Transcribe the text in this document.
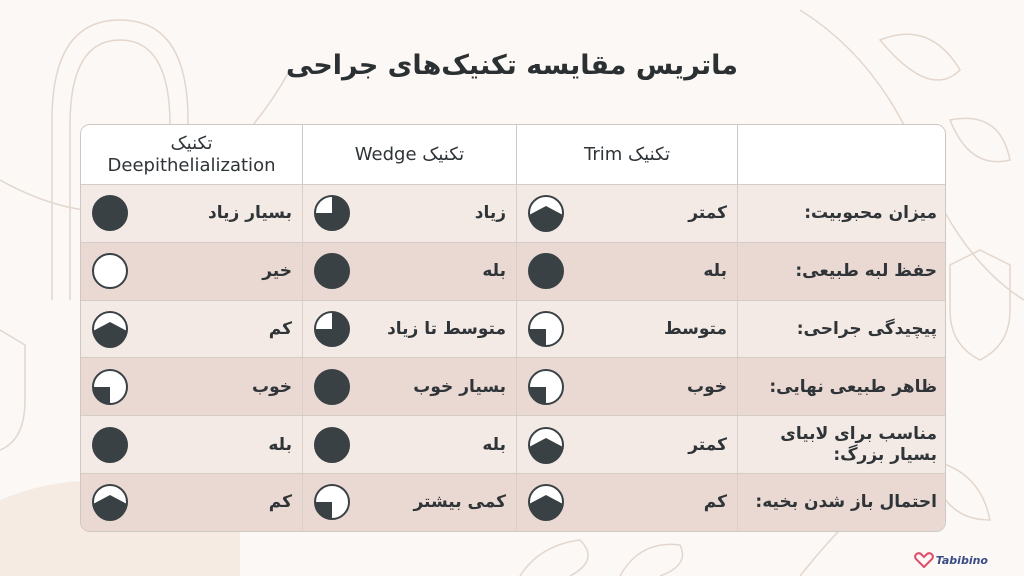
ماتریس مقایسه تکنیک‌های جراحی
تکنیک Trim
تکنیک Wedge
تکنیک
Deepithelialization
میزان محبوبیت:
کمتر
زیاد
بسیار زیاد
حفظ لبه طبیعی:
بله
بله
خیر
پیچیدگی جراحی:
متوسط
متوسط تا زیاد
کم
ظاهر طبیعی نهایی:
خوب
بسیار خوب
خوب
مناسب برای لابیای بسیار بزرگ:
کمتر
بله
بله
احتمال باز شدن بخیه:
کم
کمی بیشتر
کم
Tabibino
